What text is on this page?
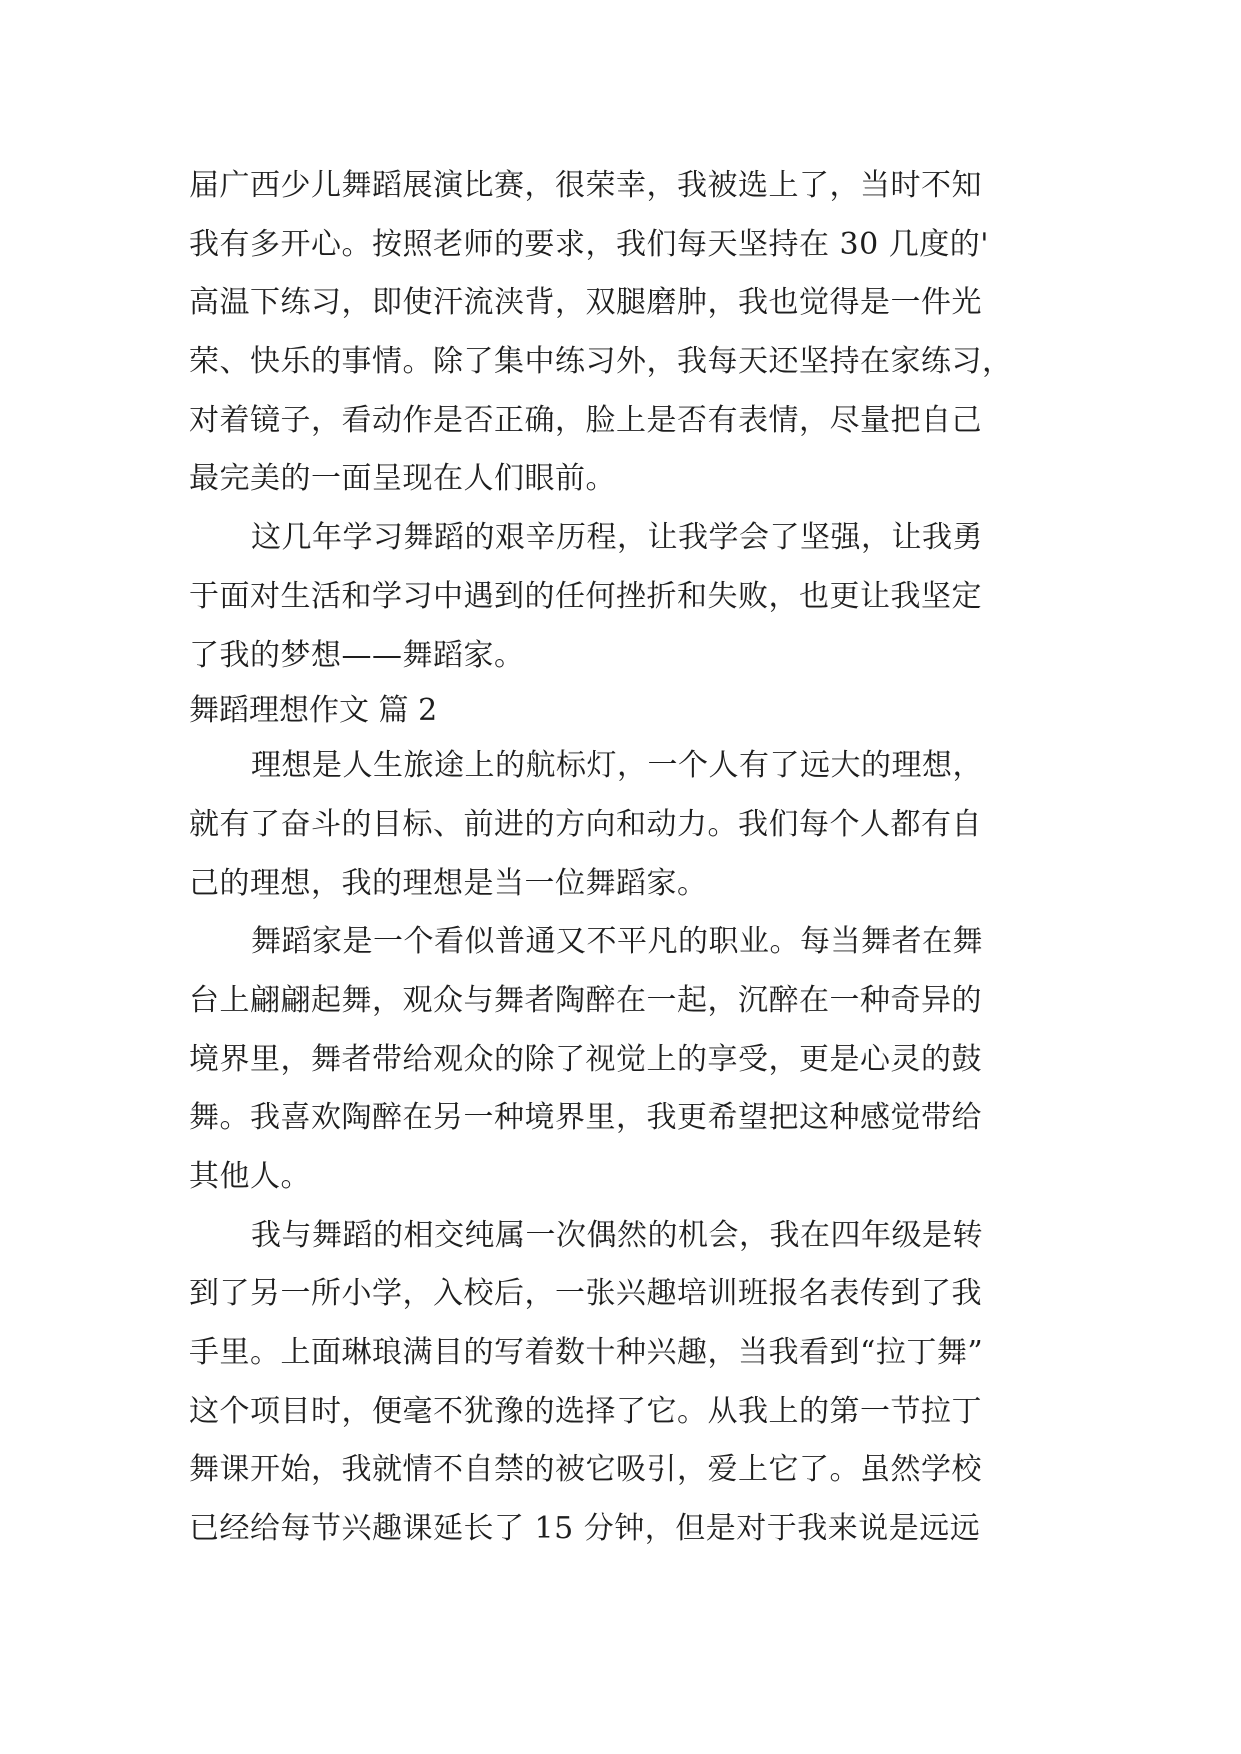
届广西少儿舞蹈展演比赛，很荣幸，我被选上了，当时不知
我有多开心。按照老师的要求，我们每天坚持在 30 几度的'
高温下练习，即使汗流浃背，双腿磨肿，我也觉得是一件光
荣、快乐的事情。除了集中练习外，我每天还坚持在家练习，
对着镜子，看动作是否正确，脸上是否有表情，尽量把自己
最完美的一面呈现在人们眼前。
这几年学习舞蹈的艰辛历程，让我学会了坚强，让我勇
于面对生活和学习中遇到的任何挫折和失败，也更让我坚定
了我的梦想——舞蹈家。
舞蹈理想作文 篇 2
理想是人生旅途上的航标灯，一个人有了远大的理想，
就有了奋斗的目标、前进的方向和动力。我们每个人都有自
己的理想，我的理想是当一位舞蹈家。
舞蹈家是一个看似普通又不平凡的职业。每当舞者在舞
台上翩翩起舞，观众与舞者陶醉在一起，沉醉在一种奇异的
境界里，舞者带给观众的除了视觉上的享受，更是心灵的鼓
舞。我喜欢陶醉在另一种境界里，我更希望把这种感觉带给
其他人。
我与舞蹈的相交纯属一次偶然的机会，我在四年级是转
到了另一所小学，入校后，一张兴趣培训班报名表传到了我
手里。上面琳琅满目的写着数十种兴趣，当我看到“拉丁舞”
这个项目时，便毫不犹豫的选择了它。从我上的第一节拉丁
舞课开始，我就情不自禁的被它吸引，爱上它了。虽然学校
已经给每节兴趣课延长了 15 分钟，但是对于我来说是远远
